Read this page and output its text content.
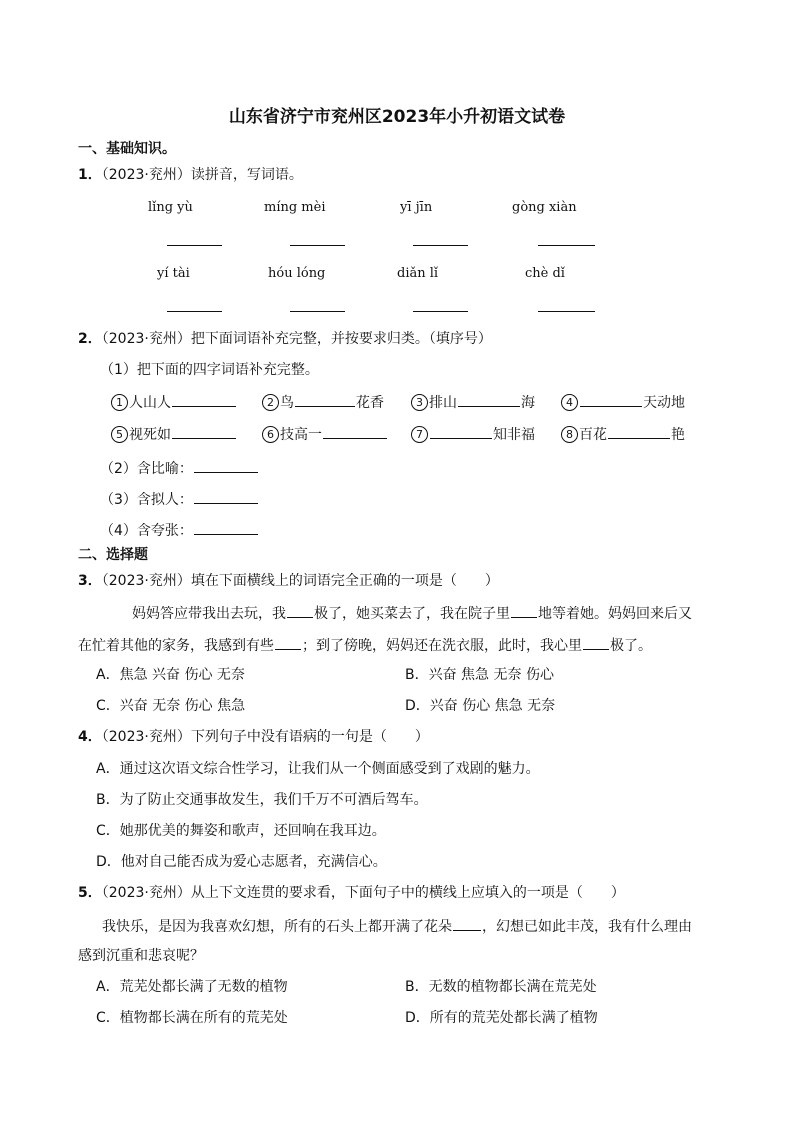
山东省济宁市兖州区2023年小升初语文试卷
一、基础知识。
1．（2023·兖州）读拼音，写词语。
lǐng yù	míng mèi	yī jīn	gòng xiàn
yí tài	hóu lóng	diǎn lǐ	chè dǐ
2．（2023·兖州）把下面词语补充完整，并按要求归类。（填序号）
（1）把下面的四字词语补充完整。
1 人山人	2 鸟	花香	3 排山	海	4	天动地
5 视死如	6 技高一	7	知非福	8 百花	艳
（2）含比喻：
（3）含拟人：
（4）含夸张：
二、选择题
3．（2023·兖州）填在下面横线上的词语完全正确的一项是（　　）
妈妈答应带我出去玩，我 极了，她买菜去了，我在院子里 地等着她。妈妈回来后又
在忙着其他的家务，我感到有些 ；到了傍晚，妈妈还在洗衣服，此时，我心里 极了。
A．焦急 兴奋 伤心 无奈	B．兴奋 焦急 无奈 伤心
C．兴奋 无奈 伤心 焦急	D．兴奋 伤心 焦急 无奈
4．（2023·兖州）下列句子中没有语病的一句是（　　）
A．通过这次语文综合性学习，让我们从一个侧面感受到了戏剧的魅力。
B．为了防止交通事故发生，我们千万不可酒后驾车。
C．她那优美的舞姿和歌声，还回响在我耳边。
D．他对自己能否成为爱心志愿者，充满信心。
5．（2023·兖州）从上下文连贯的要求看，下面句子中的横线上应填入的一项是（　　）
我快乐，是因为我喜欢幻想，所有的石头上都开满了花朵 ，幻想已如此丰茂，我有什么理由
感到沉重和悲哀呢？
A．荒芜处都长满了无数的植物	B．无数的植物都长满在荒芜处
C．植物都长满在所有的荒芜处	D．所有的荒芜处都长满了植物
